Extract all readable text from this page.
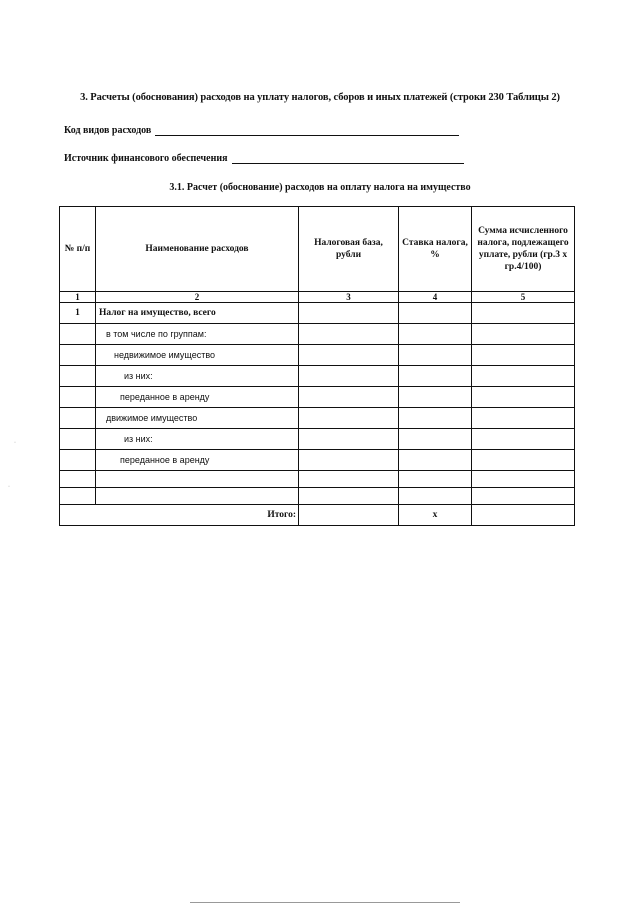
3. Расчеты (обоснования) расходов на уплату налогов, сборов и иных платежей (строки 230 Таблицы 2)
Код видов расходов
Источник финансового обеспечения
3.1. Расчет (обоснование) расходов на оплату налога на имущество
№ п/п	Наименование расходов	Налоговая база, рубли	Ставка налога, %	Сумма исчисленного налога, подлежащего уплате, рубли (гр.3 х гр.4/100)
1	2	3	4	5
1	Налог на имущество, всего			
	в том числе по группам:			
	недвижимое имущество			
	из них:			
	переданное в аренду			
	движимое имущество			
	из них:			
	переданное в аренду			

Итого:			х	
·
·
